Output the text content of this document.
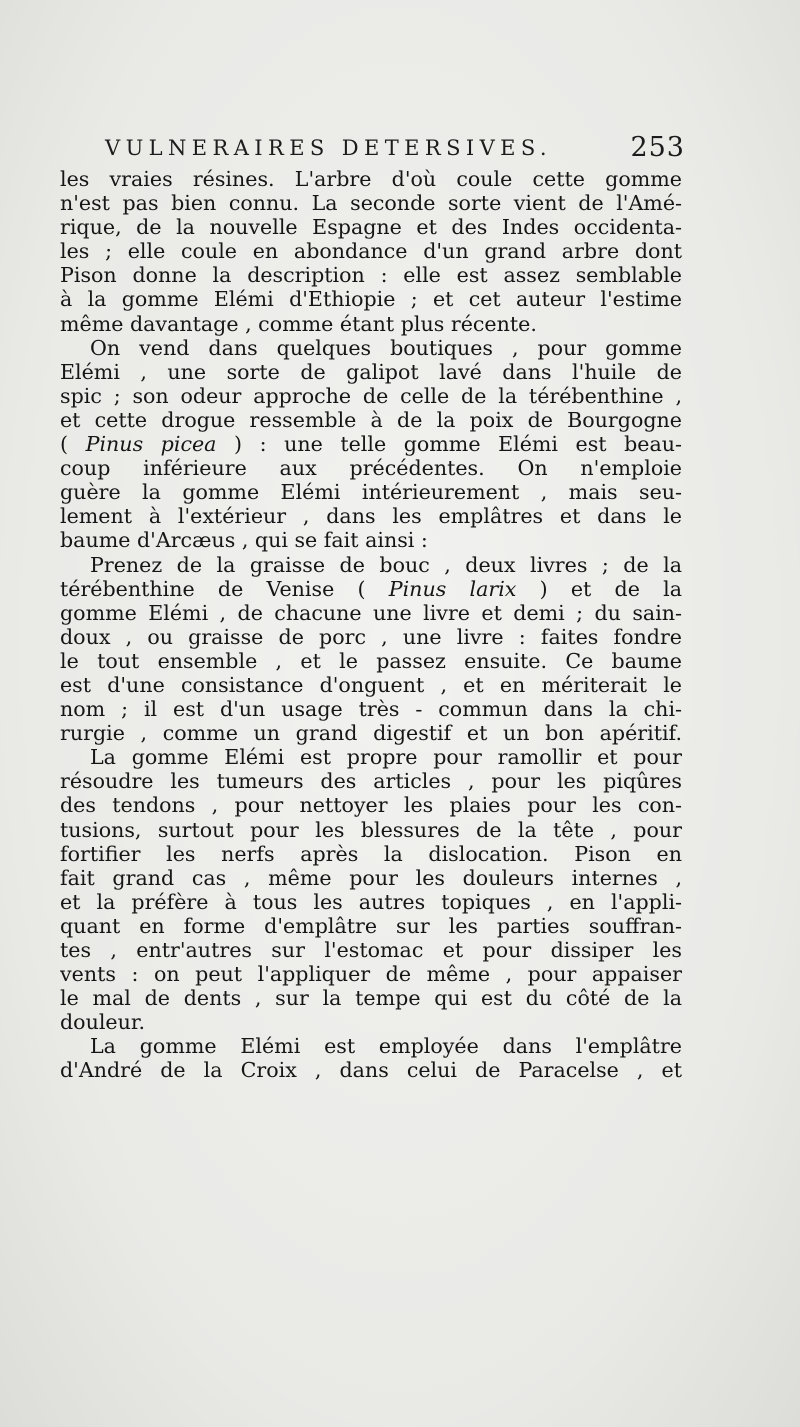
VULNERAIRES DETERSIVES.	253
les vraies résines. L'arbre d'où coule cette gomme
n'est pas bien connu. La seconde sorte vient de l'Amé-
rique, de la nouvelle Espagne et des Indes occidenta-
les ; elle coule en abondance d'un grand arbre dont
Pison donne la description : elle est assez semblable
à la gomme Elémi d'Ethiopie ; et cet auteur l'estime
même davantage , comme étant plus récente.
On vend dans quelques boutiques , pour gomme
Elémi , une sorte de galipot lavé dans l'huile de
spic ; son odeur approche de celle de la térébenthine ,
et cette drogue ressemble à de la poix de Bourgogne
( Pinus picea ) : une telle gomme Elémi est beau-
coup inférieure aux précédentes. On n'emploie
guère la gomme Elémi intérieurement , mais seu-
lement à l'extérieur , dans les emplâtres et dans le
baume d'Arcæus , qui se fait ainsi :
Prenez de la graisse de bouc , deux livres ; de la
térébenthine de Venise ( Pinus larix ) et de la
gomme Elémi , de chacune une livre et demi ; du sain-
doux , ou graisse de porc , une livre : faites fondre
le tout ensemble , et le passez ensuite. Ce baume
est d'une consistance d'onguent , et en mériterait le
nom ; il est d'un usage très - commun dans la chi-
rurgie , comme un grand digestif et un bon apéritif.
La gomme Elémi est propre pour ramollir et pour
résoudre les tumeurs des articles , pour les piqûres
des tendons , pour nettoyer les plaies pour les con-
tusions, surtout pour les blessures de la tête , pour
fortifier les nerfs après la dislocation. Pison en
fait grand cas , même pour les douleurs internes ,
et la préfère à tous les autres topiques , en l'appli-
quant en forme d'emplâtre sur les parties souffran-
tes , entr'autres sur l'estomac et pour dissiper les
vents : on peut l'appliquer de même , pour appaiser
le mal de dents , sur la tempe qui est du côté de la
douleur.
La gomme Elémi est employée dans l'emplâtre
d'André de la Croix , dans celui de Paracelse , et
